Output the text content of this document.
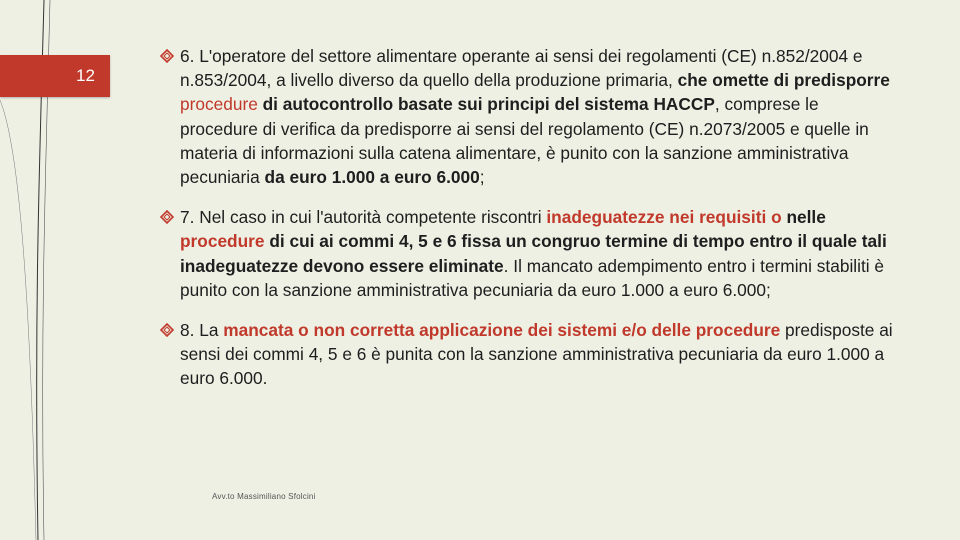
12
6. L'operatore del settore alimentare operante ai sensi dei regolamenti (CE) n.852/2004 e n.853/2004, a livello diverso da quello della produzione primaria, che omette di predisporre procedure di autocontrollo basate sui principi del sistema HACCP, comprese le procedure di verifica da predisporre ai sensi del regolamento (CE) n.2073/2005 e quelle in materia di informazioni sulla catena alimentare, è punito con la sanzione amministrativa pecuniaria da euro 1.000 a euro 6.000;
7. Nel caso in cui l'autorità competente riscontri inadeguatezze nei requisiti o nelle procedure di cui ai commi 4, 5 e 6 fissa un congruo termine di tempo entro il quale tali inadeguatezze devono essere eliminate. Il mancato adempimento entro i termini stabiliti è punito con la sanzione amministrativa pecuniaria da euro 1.000 a euro 6.000;
8. La mancata o non corretta applicazione dei sistemi e/o delle procedure predisposte ai sensi dei commi 4, 5 e 6 è punita con la sanzione amministrativa pecuniaria da euro 1.000 a euro 6.000.
Avv.to Massimiliano Sfolcini
